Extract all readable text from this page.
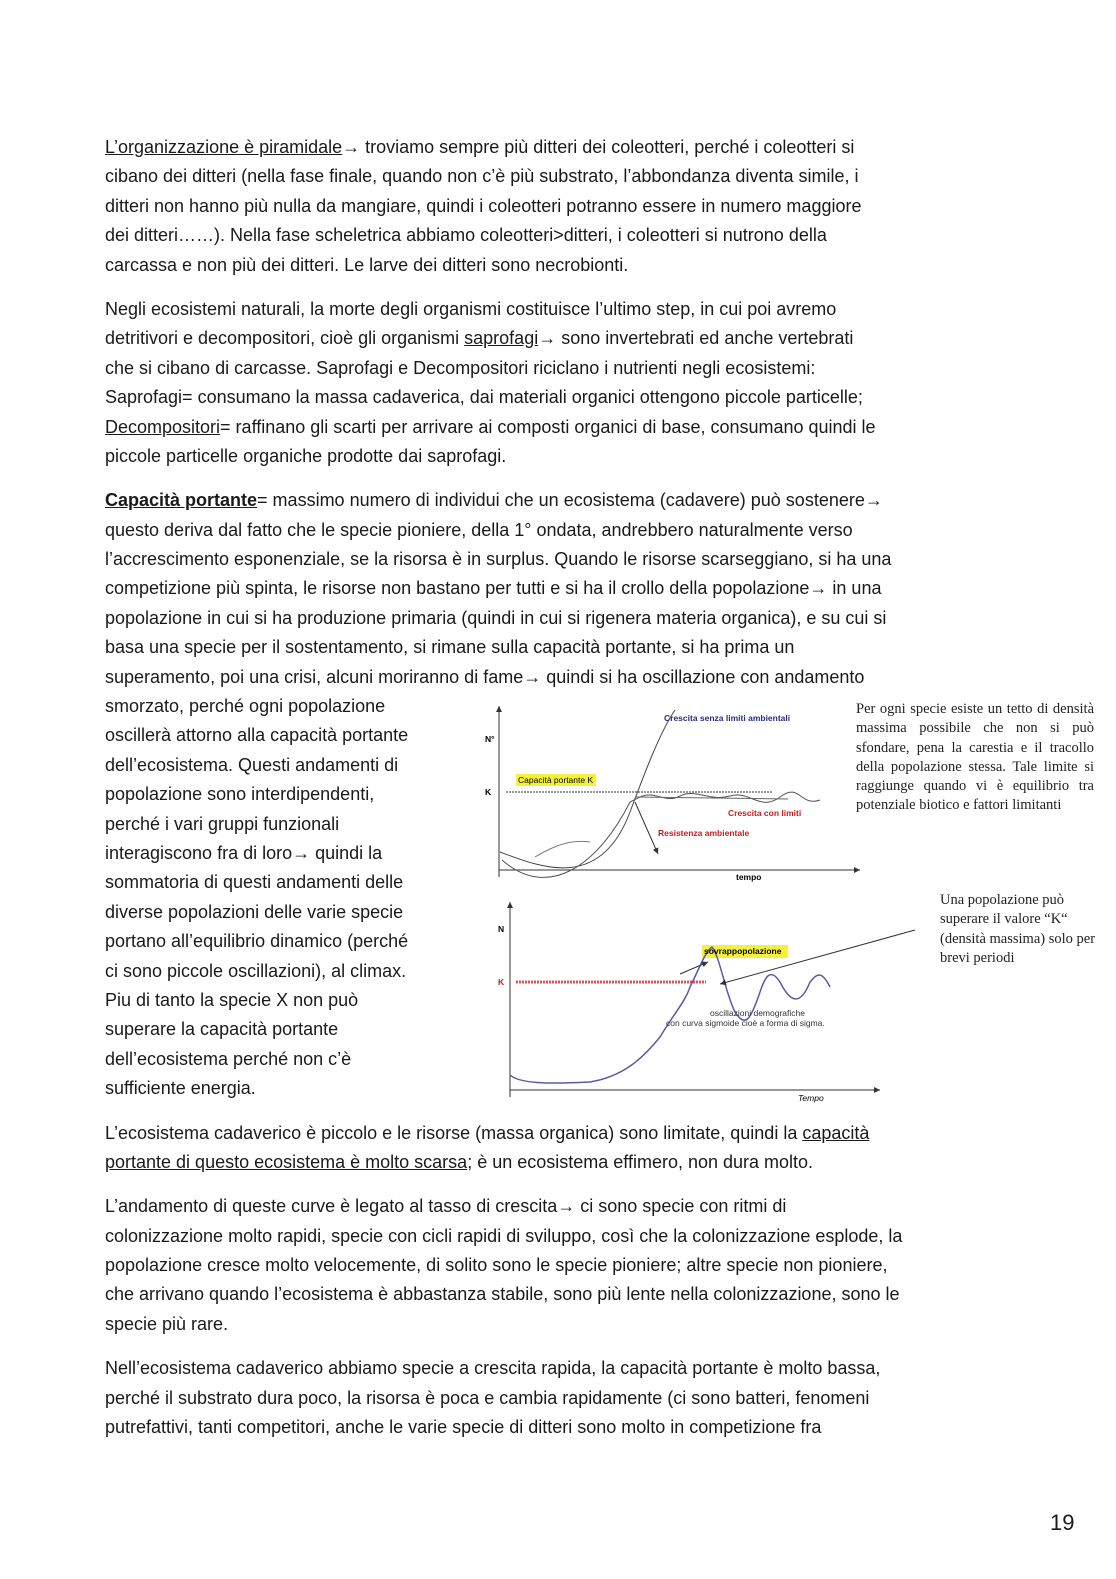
L’organizzazione è piramidale→ troviamo sempre più ditteri dei coleotteri, perché i coleotteri si
cibano dei ditteri (nella fase finale, quando non c’è più substrato, l’abbondanza diventa simile, i
ditteri non hanno più nulla da mangiare, quindi i coleotteri potranno essere in numero maggiore
dei ditteri……). Nella fase scheletrica abbiamo coleotteri>ditteri, i coleotteri si nutrono della
carcassa e non più dei ditteri. Le larve dei ditteri sono necrobionti.
Negli ecosistemi naturali, la morte degli organismi costituisce l’ultimo step, in cui poi avremo
detritivori e decompositori, cioè gli organismi saprofagi→ sono invertebrati ed anche vertebrati
che si cibano di carcasse. Saprofagi e Decompositori riciclano i nutrienti negli ecosistemi:
Saprofagi= consumano la massa cadaverica, dai materiali organici ottengono piccole particelle;
Decompositori= raffinano gli scarti per arrivare ai composti organici di base, consumano quindi le
piccole particelle organiche prodotte dai saprofagi.
Capacità portante= massimo numero di individui che un ecosistema (cadavere) può sostenere→
questo deriva dal fatto che le specie pioniere, della 1° ondata, andrebbero naturalmente verso
l’accrescimento esponenziale, se la risorsa è in surplus. Quando le risorse scarseggiano, si ha una
competizione più spinta, le risorse non bastano per tutti e si ha il crollo della popolazione→ in una
popolazione in cui si ha produzione primaria (quindi in cui si rigenera materia organica), e su cui si
basa una specie per il sostentamento, si rimane sulla capacità portante, si ha prima un
superamento, poi una crisi, alcuni moriranno di fame→ quindi si ha oscillazione con andamento
smorzato, perché ogni popolazione
oscillerà attorno alla capacità portante
dell’ecosistema. Questi andamenti di
popolazione sono interdipendenti,
perché i vari gruppi funzionali
interagiscono fra di loro→ quindi la
sommatoria di questi andamenti delle
diverse popolazioni delle varie specie
portano all’equilibrio dinamico (perché
ci sono piccole oscillazioni), al climax.
Piu di tanto la specie X non può
superare la capacità portante
dell’ecosistema perché non c’è
sufficiente energia.
L’ecosistema cadaverico è piccolo e le risorse (massa organica) sono limitate, quindi la capacità
portante di questo ecosistema è molto scarsa; è un ecosistema effimero, non dura molto.
L’andamento di queste curve è legato al tasso di crescita→ ci sono specie con ritmi di
colonizzazione molto rapidi, specie con cicli rapidi di sviluppo, così che la colonizzazione esplode, la
popolazione cresce molto velocemente, di solito sono le specie pioniere; altre specie non pioniere,
che arrivano quando l’ecosistema è abbastanza stabile, sono più lente nella colonizzazione, sono le
specie più rare.
Nell’ecosistema cadaverico abbiamo specie a crescita rapida, la capacità portante è molto bassa,
perché il substrato dura poco, la risorsa è poca e cambia rapidamente (ci sono batteri, fenomeni
putrefattivi, tanti competitori, anche le varie specie di ditteri sono molto in competizione fra
N°
K
Capacità portante K
Crescita senza limiti ambientali
Crescita con limiti
Resistenza ambientale
tempo
N
K
sovrappopolazione
oscillazioni demografiche
con curva sigmoide cioè a forma di sigma.
Tempo
Per ogni specie esiste un tetto di densità massima possibile che non si può sfondare, pena la carestia e il tracollo della popolazione stessa. Tale limite si raggiunge quando vi è equilibrio tra potenziale biotico e fattori limitanti
Una popolazione può superare il valore “K“ (densità massima) solo per brevi periodi
19
